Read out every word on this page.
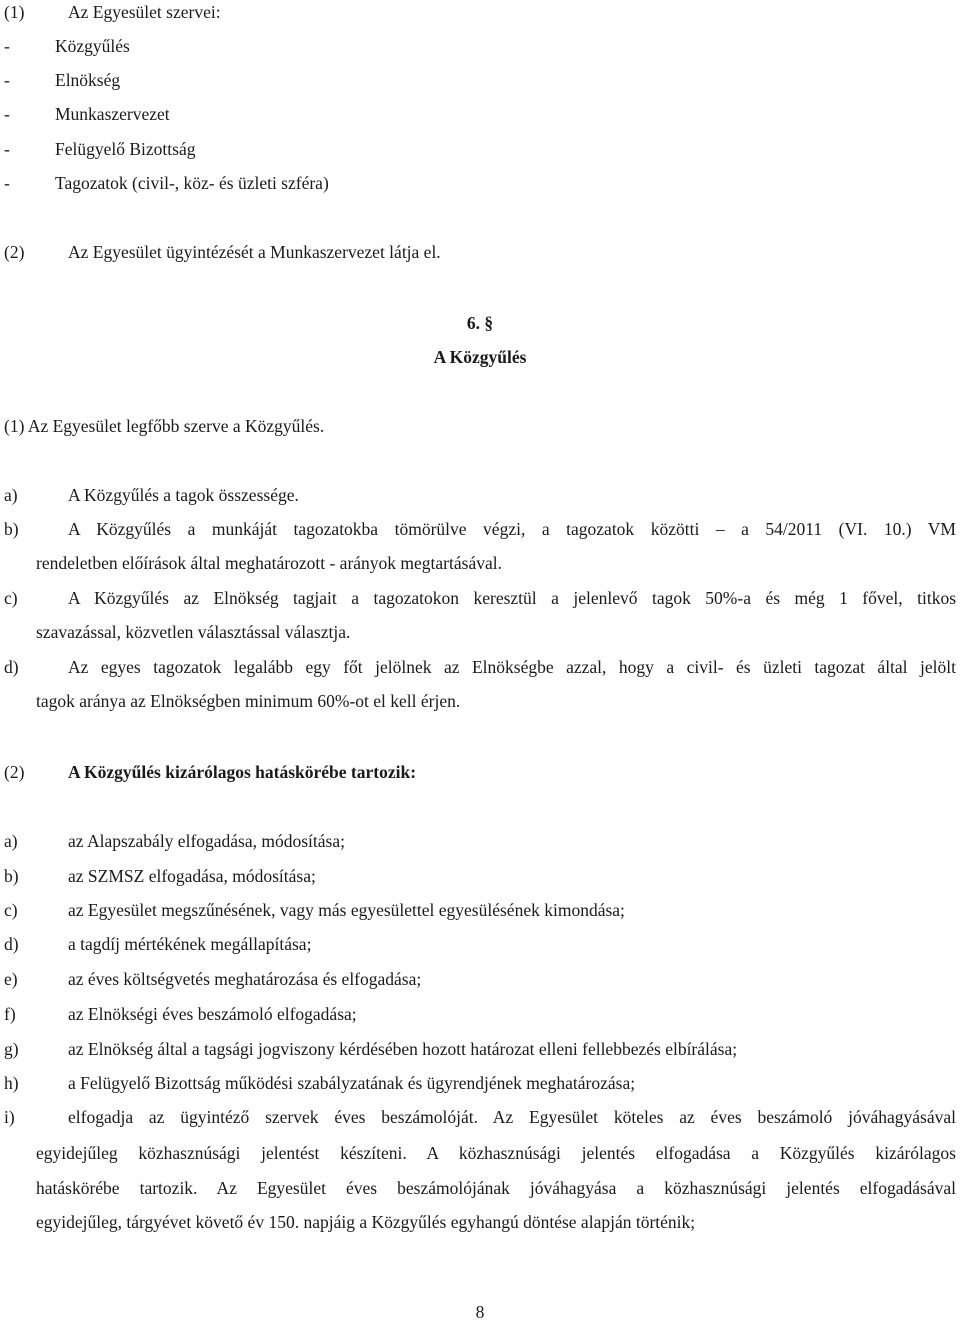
(1) Az Egyesület szervei:
-	Közgyűlés
-	Elnökség
-	Munkaszervezet
-	Felügyelő Bizottság
-	Tagozatok (civil-, köz- és üzleti szféra)
(2) Az Egyesület ügyintézését a Munkaszervezet látja el.
6. §
A Közgyűlés
(1) Az Egyesület legfőbb szerve a Közgyűlés.
a)	A Közgyűlés a tagok összessége.
b)	A Közgyűlés a munkáját tagozatokba tömörülve végzi, a tagozatok közötti – a 54/2011 (VI. 10.) VM
rendeletben előírások által meghatározott - arányok megtartásával.
c)	A Közgyűlés az Elnökség tagjait a tagozatokon keresztül a jelenlevő tagok 50%-a és még 1 fővel, titkos
szavazással, közvetlen választással választja.
d)	Az egyes tagozatok legalább egy főt jelölnek az Elnökségbe azzal, hogy a civil- és üzleti tagozat által jelölt
tagok aránya az Elnökségben minimum 60%-ot el kell érjen.
(2) A Közgyűlés kizárólagos hatáskörébe tartozik:
a)	az Alapszabály elfogadása, módosítása;
b)	az SZMSZ elfogadása, módosítása;
c)	az Egyesület megszűnésének, vagy más egyesülettel egyesülésének kimondása;
d)	a tagdíj mértékének megállapítása;
e)	az éves költségvetés meghatározása és elfogadása;
f)	az Elnökségi éves beszámoló elfogadása;
g)	az Elnökség által a tagsági jogviszony kérdésében hozott határozat elleni fellebbezés elbírálása;
h)	a Felügyelő Bizottság működési szabályzatának és ügyrendjének meghatározása;
i)	elfogadja az ügyintéző szervek éves beszámolóját. Az Egyesület köteles az éves beszámoló jóváhagyásával
egyidejűleg közhasznúsági jelentést készíteni. A közhasznúsági jelentés elfogadása a Közgyűlés kizárólagos
hatáskörébe tartozik. Az Egyesület éves beszámolójának jóváhagyása a közhasznúsági jelentés elfogadásával
egyidejűleg, tárgyévet követő év 150. napjáig a Közgyűlés egyhangú döntése alapján történik;
8
